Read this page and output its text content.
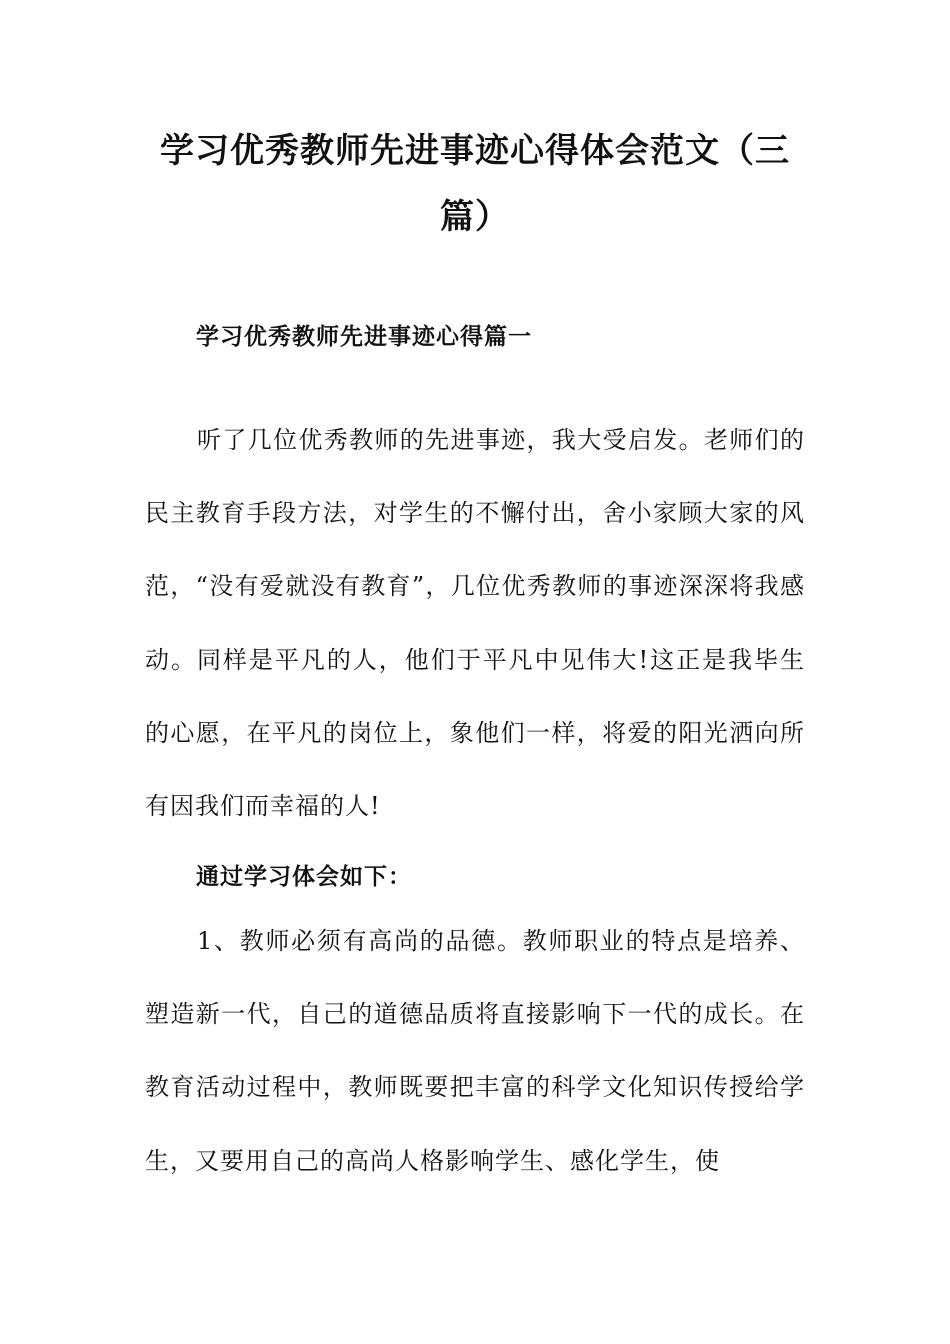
学习优秀教师先进事迹心得体会范文（三篇）
学习优秀教师先进事迹心得篇一
听了几位优秀教师的先进事迹，我大受启发。老师们的民主教育手段方法，对学生的不懈付出，舍小家顾大家的风范，“没有爱就没有教育”，几位优秀教师的事迹深深将我感动。同样是平凡的人，他们于平凡中见伟大!这正是我毕生的心愿，在平凡的岗位上，象他们一样，将爱的阳光洒向所有因我们而幸福的人!
通过学习体会如下：
1、教师必须有高尚的品德。教师职业的特点是培养、塑造新一代，自己的道德品质将直接影响下一代的成长。在教育活动过程中，教师既要把丰富的科学文化知识传授给学生，又要用自己的高尚人格影响学生、感化学生，使
